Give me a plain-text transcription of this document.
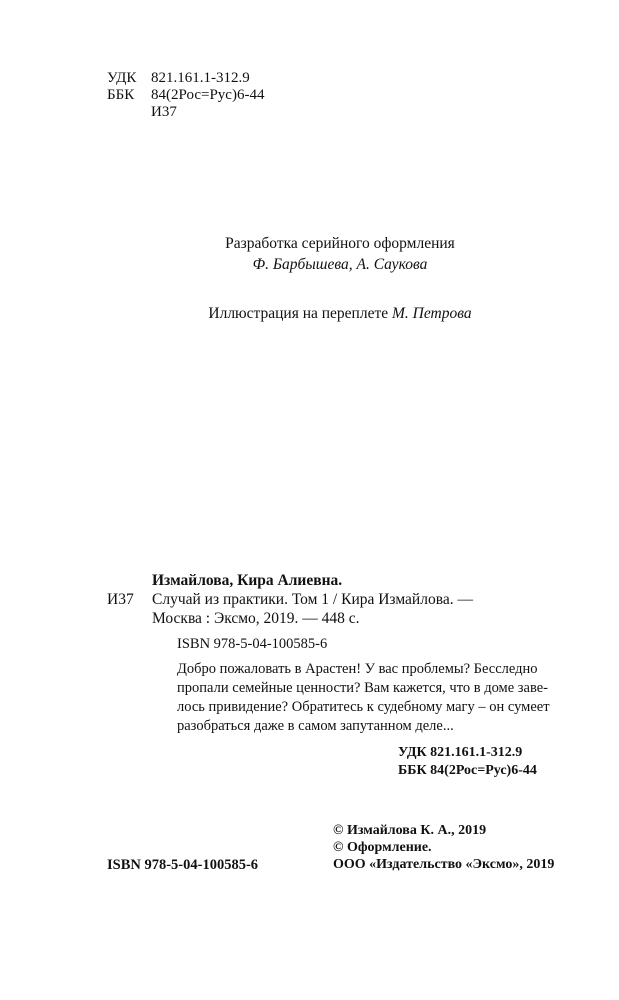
УДК 821.161.1-312.9
ББК 84(2Рос=Рус)6-44
И37
Разработка серийного оформления
Ф. Барбышева, А. Саукова
Иллюстрация на переплете М. Петрова
И37
Измайлова, Кира Алиевна.
Случай из практики. Том 1 / Кира Измайлова. —
Москва : Эксмо, 2019. — 448 с.
ISBN 978-5-04-100585-6
Добро пожаловать в Арастен! У вас проблемы? Бесследно
пропали семейные ценности? Вам кажется, что в доме заве-
лось привидение? Обратитесь к судебному магу – он сумеет
разобраться даже в самом запутанном деле...
УДК 821.161.1-312.9
ББК 84(2Рос=Рус)6-44
ISBN 978-5-04-100585-6
© Измайлова К. А., 2019
© Оформление.
ООО «Издательство «Эксмо», 2019
